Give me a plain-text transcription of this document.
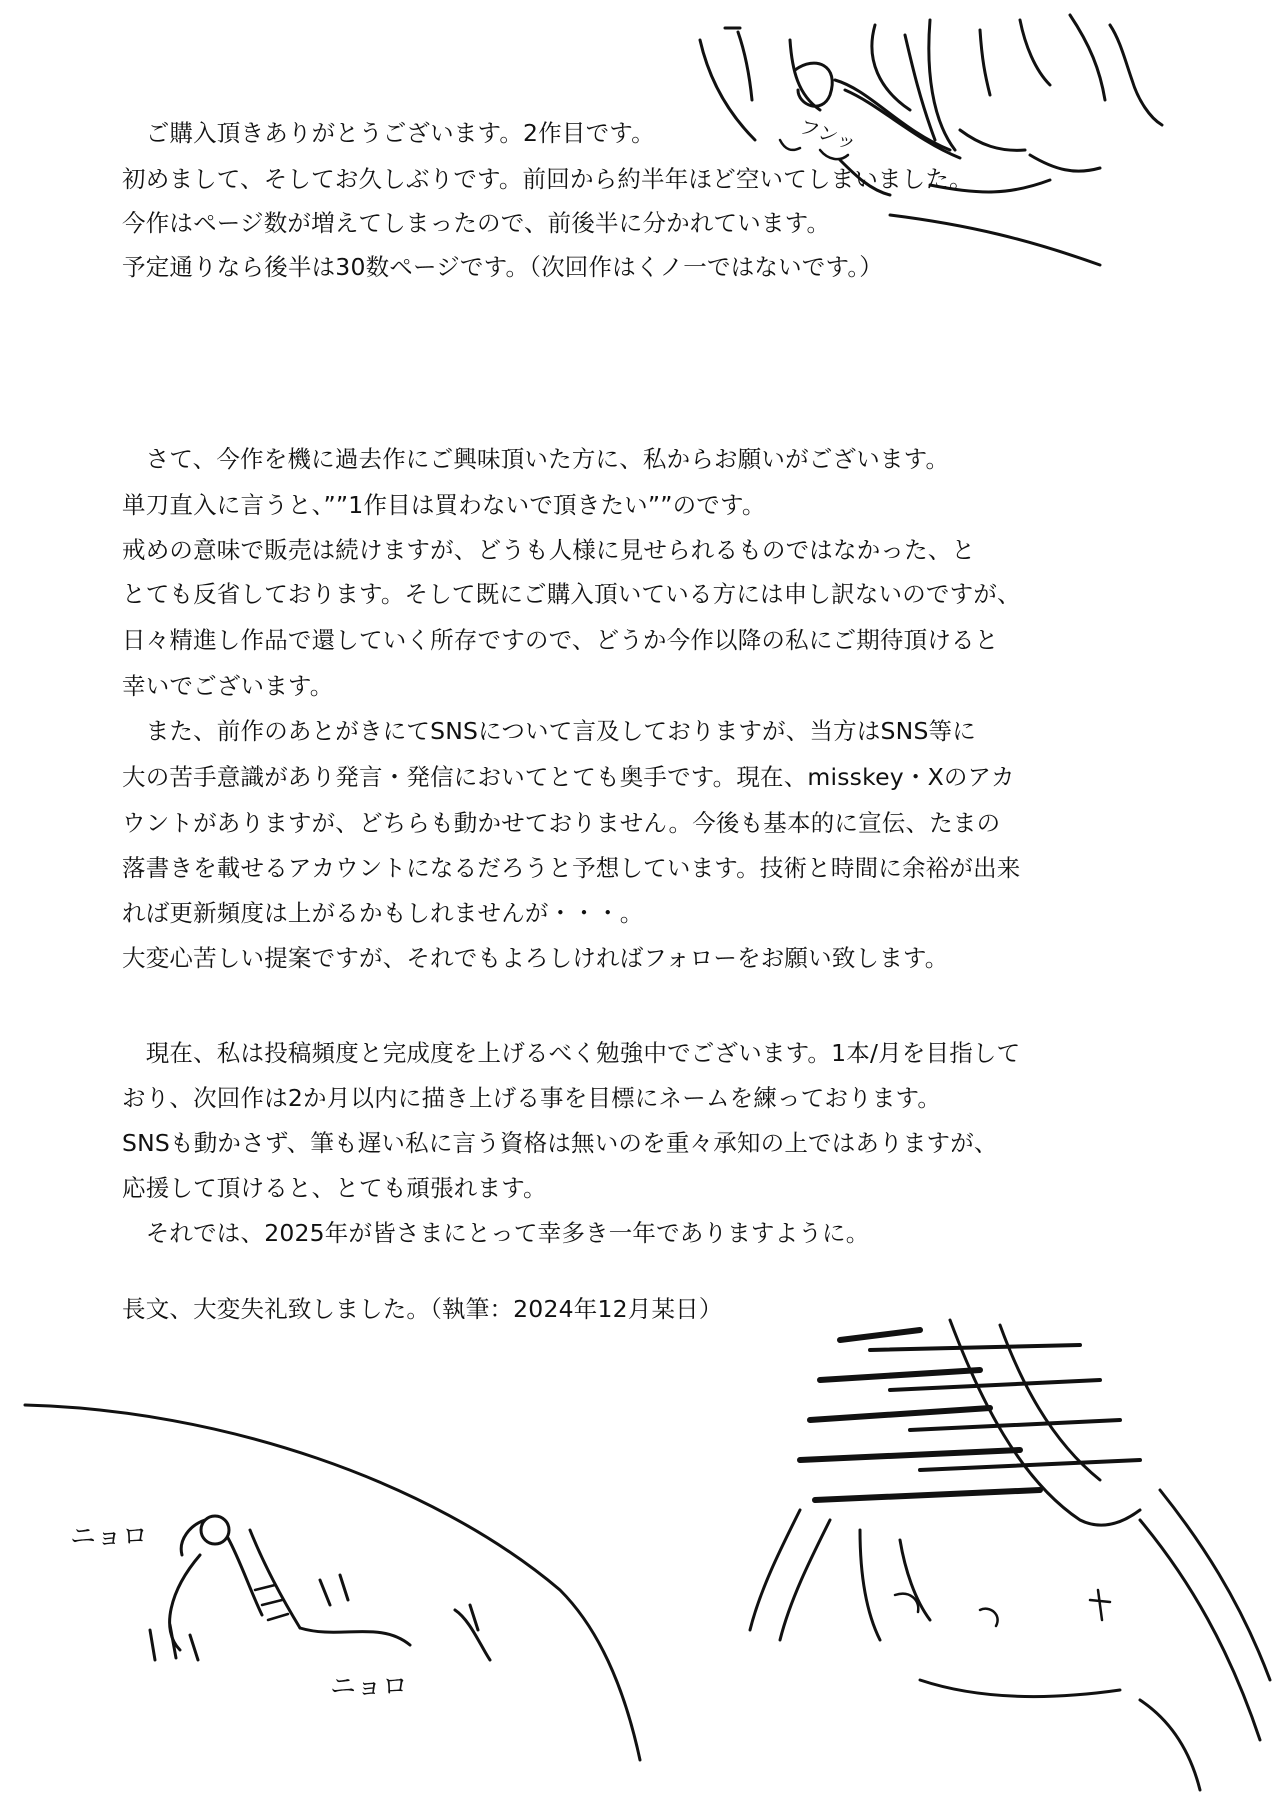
フンッ
　ご購入頂きありがとうございます。2作目です。
初めまして、そしてお久しぶりです。前回から約半年ほど空いてしまいました。
今作はページ数が増えてしまったので、前後半に分かれています。
予定通りなら後半は30数ページです。（次回作はくノ一ではないです。）
　さて、今作を機に過去作にご興味頂いた方に、私からお願いがございます。
単刀直入に言うと、””1作目は買わないで頂きたい””のです。
戒めの意味で販売は続けますが、どうも人様に見せられるものではなかった、と
とても反省しております。そして既にご購入頂いている方には申し訳ないのですが、
日々精進し作品で還していく所存ですので、どうか今作以降の私にご期待頂けると
幸いでございます。
　また、前作のあとがきにてSNSについて言及しておりますが、当方はSNS等に
大の苦手意識があり発言・発信においてとても奥手です。現在、misskey・Xのアカ
ウントがありますが、どちらも動かせておりません。今後も基本的に宣伝、たまの
落書きを載せるアカウントになるだろうと予想しています。技術と時間に余裕が出来
れば更新頻度は上がるかもしれませんが・・・。
大変心苦しい提案ですが、それでもよろしければフォローをお願い致します。
　現在、私は投稿頻度と完成度を上げるべく勉強中でございます。1本/月を目指して
おり、次回作は2か月以内に描き上げる事を目標にネームを練っております。
SNSも動かさず、筆も遅い私に言う資格は無いのを重々承知の上ではありますが、
応援して頂けると、とても頑張れます。
　それでは、2025年が皆さまにとって幸多き一年でありますように。
長文、大変失礼致しました。（執筆：2024年12月某日）
ニョロ
ニョロ
